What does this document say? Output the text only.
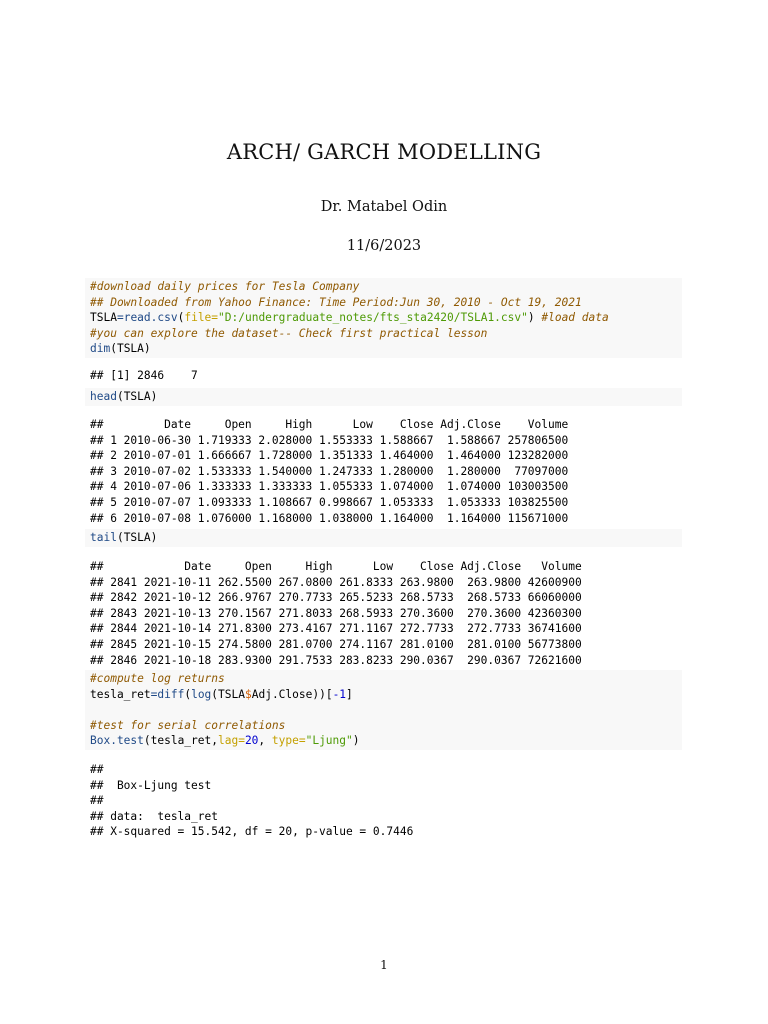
ARCH/ GARCH MODELLING
Dr. Matabel Odin
11/6/2023
#download daily prices for Tesla Company
## Downloaded from Yahoo Finance: Time Period:Jun 30, 2010 - Oct 19, 2021
TSLA=read.csv(file="D:/undergraduate_notes/fts_sta2420/TSLA1.csv") #load data
#you can explore the dataset-- Check first practical lesson
dim(TSLA)
## [1] 2846    7
head(TSLA)
##         Date     Open     High      Low    Close Adj.Close    Volume
## 1 2010-06-30 1.719333 2.028000 1.553333 1.588667  1.588667 257806500
## 2 2010-07-01 1.666667 1.728000 1.351333 1.464000  1.464000 123282000
## 3 2010-07-02 1.533333 1.540000 1.247333 1.280000  1.280000  77097000
## 4 2010-07-06 1.333333 1.333333 1.055333 1.074000  1.074000 103003500
## 5 2010-07-07 1.093333 1.108667 0.998667 1.053333  1.053333 103825500
## 6 2010-07-08 1.076000 1.168000 1.038000 1.164000  1.164000 115671000
tail(TSLA)
##            Date     Open     High      Low    Close Adj.Close   Volume
## 2841 2021-10-11 262.5500 267.0800 261.8333 263.9800  263.9800 42600900
## 2842 2021-10-12 266.9767 270.7733 265.5233 268.5733  268.5733 66060000
## 2843 2021-10-13 270.1567 271.8033 268.5933 270.3600  270.3600 42360300
## 2844 2021-10-14 271.8300 273.4167 271.1167 272.7733  272.7733 36741600
## 2845 2021-10-15 274.5800 281.0700 274.1167 281.0100  281.0100 56773800
## 2846 2021-10-18 283.9300 291.7533 283.8233 290.0367  290.0367 72621600
#compute log returns
tesla_ret=diff(log(TSLA$Adj.Close))[-1]
#test for serial correlations
Box.test(tesla_ret,lag=20, type="Ljung")
##
##  Box-Ljung test
##
## data:  tesla_ret
## X-squared = 15.542, df = 20, p-value = 0.7446
1
